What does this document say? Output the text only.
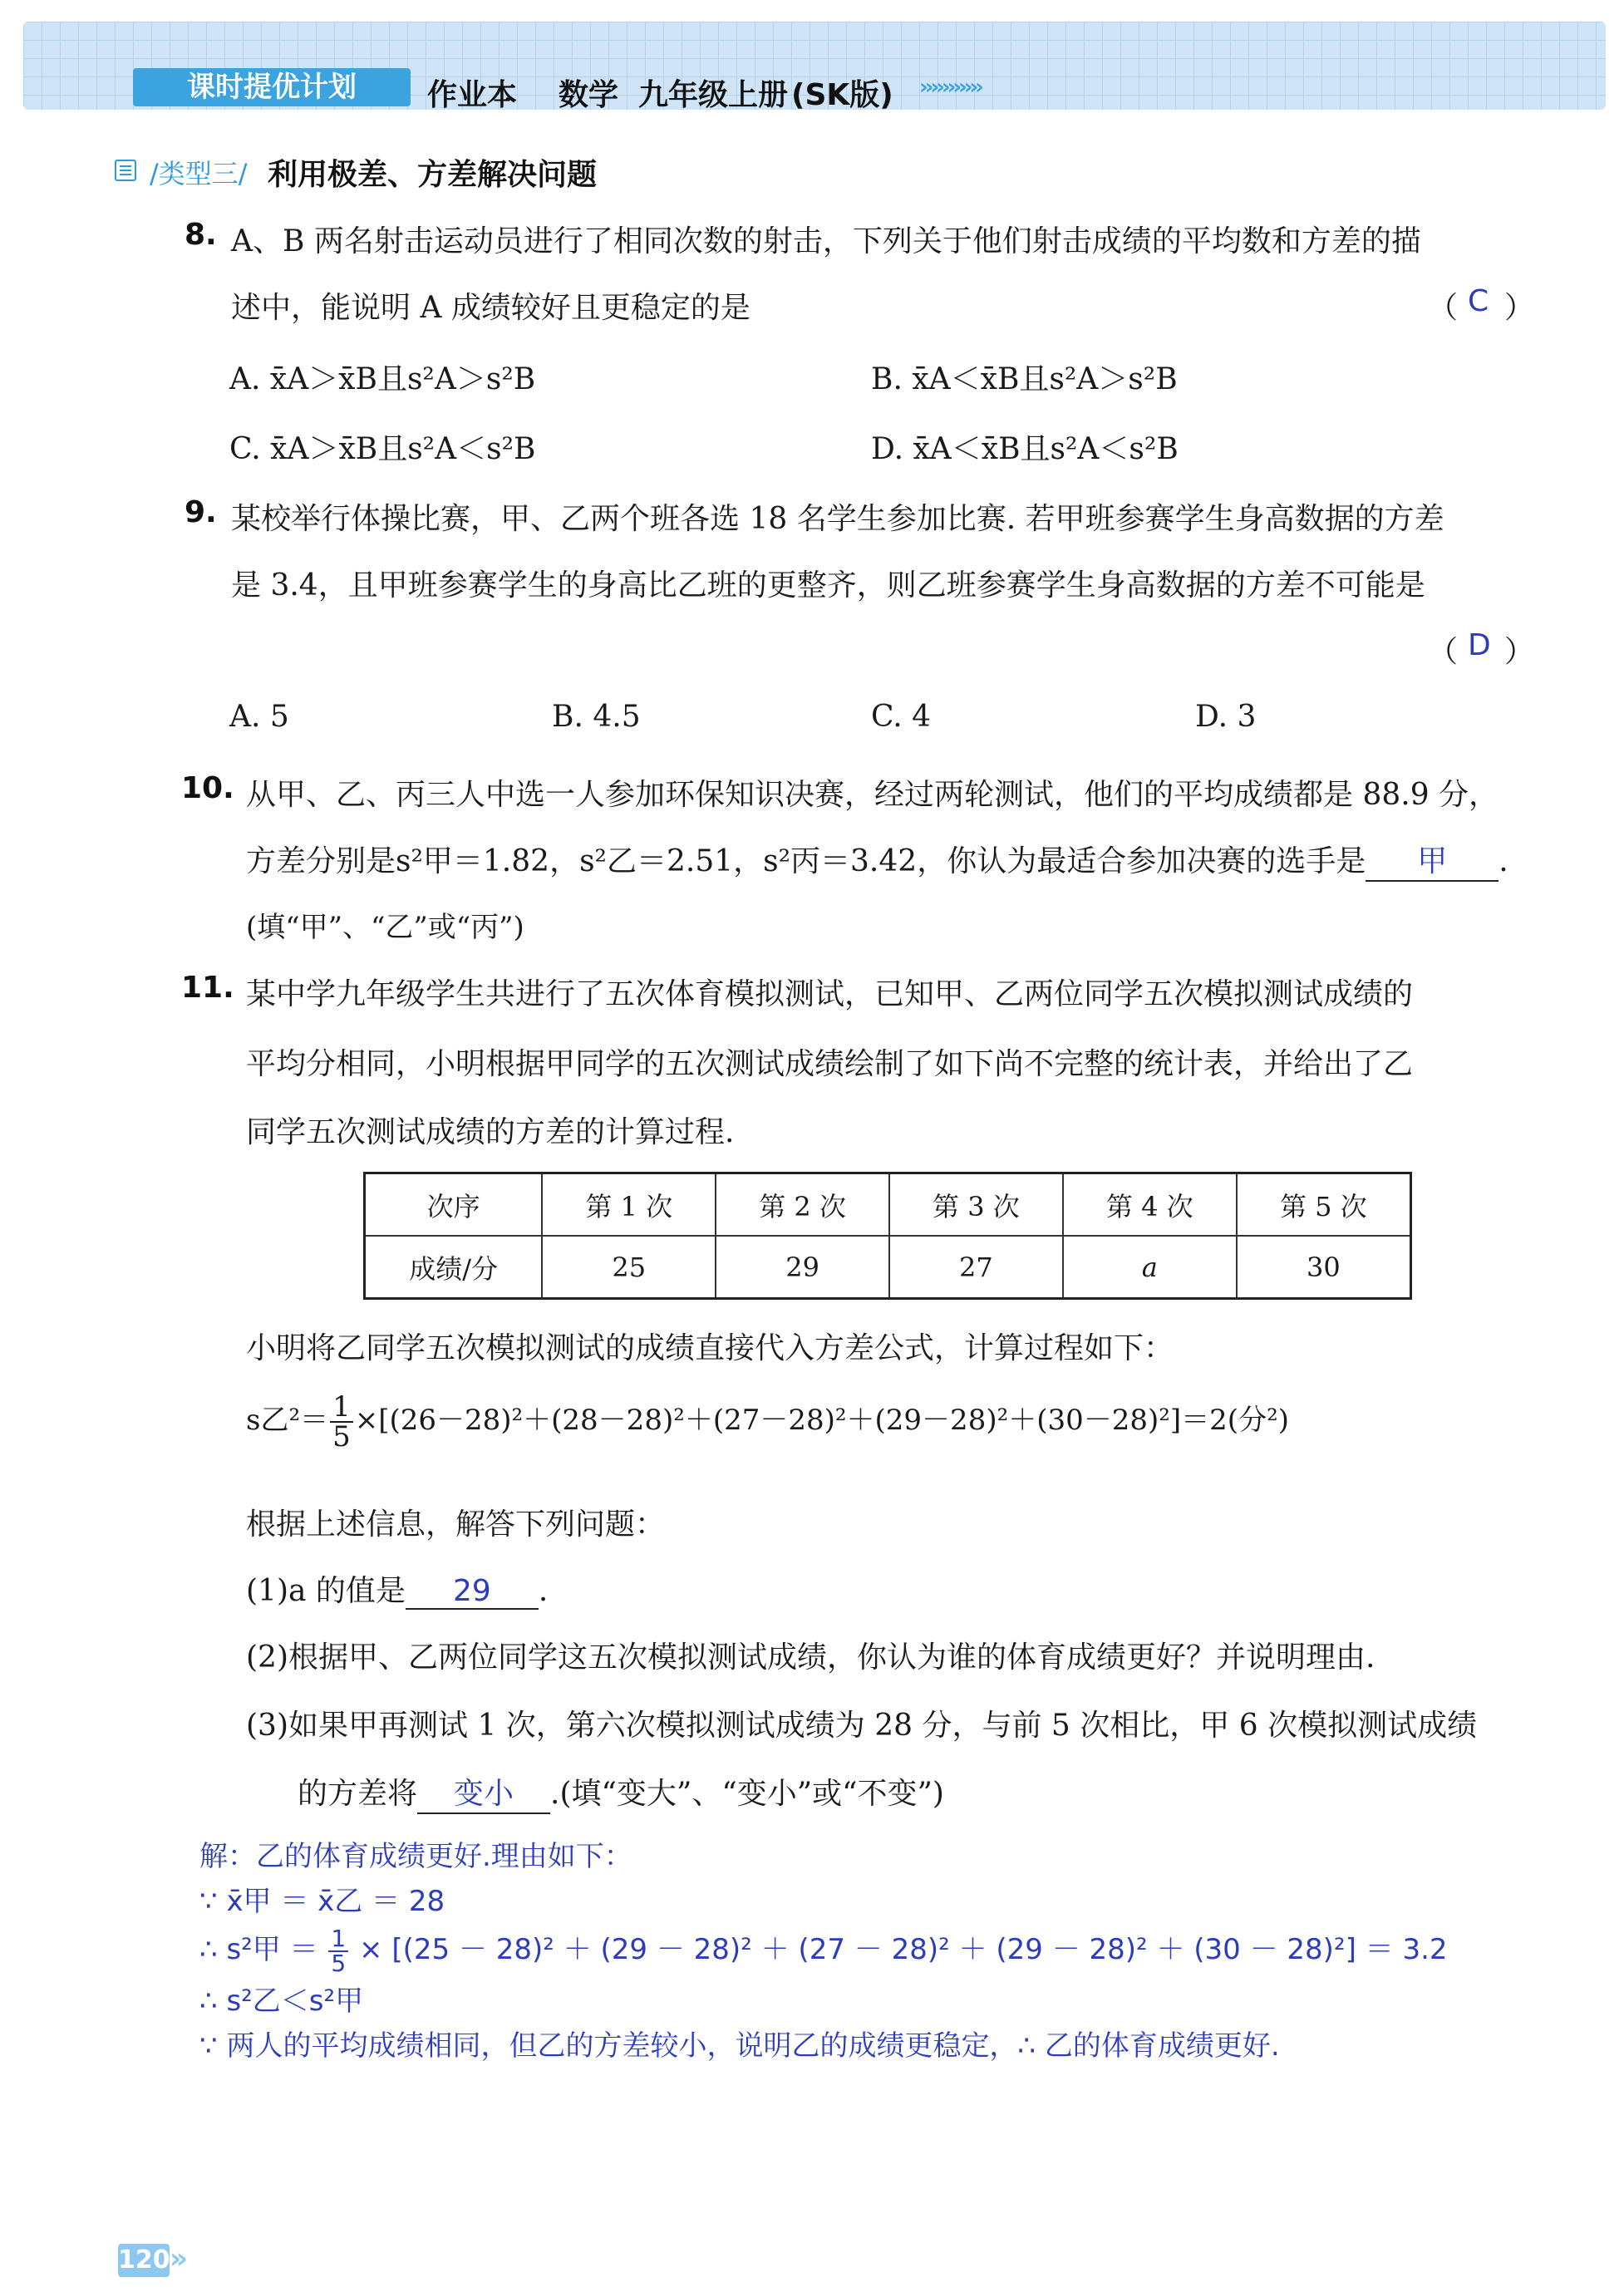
课时提优计划	作业本 数学 九年级上册 (SK版) ›››››››››››
/类型三/ 利用极差、方差解决问题
8. A、B 两名射击运动员进行了相同次数的射击，下列关于他们射击成绩的平均数和方差的描
述中，能说明 A 成绩较好且更稳定的是	（ C ）
A. x̄A＞x̄B且s²A＞s²B	B. x̄A＜x̄B且s²A＞s²B
C. x̄A＞x̄B且s²A＜s²B	D. x̄A＜x̄B且s²A＜s²B
9. 某校举行体操比赛，甲、乙两个班各选 18 名学生参加比赛. 若甲班参赛学生身高数据的方差
是 3.4，且甲班参赛学生的身高比乙班的更整齐，则乙班参赛学生身高数据的方差不可能是
（ D ）
A. 5	B. 4.5	C. 4	D. 3
10. 从甲、乙、丙三人中选一人参加环保知识决赛，经过两轮测试，他们的平均成绩都是 88.9 分，
方差分别是s²甲＝1.82，s²乙＝2.51，s²丙＝3.42，你认为最适合参加决赛的选手是 甲 .
(填“甲”、“乙”或“丙”)
11. 某中学九年级学生共进行了五次体育模拟测试，已知甲、乙两位同学五次模拟测试成绩的
平均分相同，小明根据甲同学的五次测试成绩绘制了如下尚不完整的统计表，并给出了乙
同学五次测试成绩的方差的计算过程.
次序	第 1 次	第 2 次	第 3 次	第 4 次	第 5 次
成绩/分	25	29	27	a	30
小明将乙同学五次模拟测试的成绩直接代入方差公式，计算过程如下：
s乙$^2= \frac{1}{5} \times[(26-28)^2+(28-28)^2+(27-28)^2+(29-28)^2+(30-28)^2]=2$(分²)
根据上述信息，解答下列问题：
(1)a 的值是 29 .
(2)根据甲、乙两位同学这五次模拟测试成绩，你认为谁的体育成绩更好？并说明理由.
(3)如果甲再测试 1 次，第六次模拟测试成绩为 28 分，与前 5 次相比，甲 6 次模拟测试成绩
的方差将 变小 .(填“变大”、“变小”或“不变”)
解：乙的体育成绩更好.理由如下：
∵ x̄甲 ＝ x̄乙 ＝ 28
∴ s²甲 ＝ $\frac{1}{5} \times [(25 - 28)^2 + (29 - 28)^2 + (27 - 28)^2 + (29 - 28)^2 + (30 - 28)^2] = 3.2$
∴ s²乙＜s²甲
∵ 两人的平均成绩相同，但乙的方差较小，说明乙的成绩更稳定，∴ 乙的体育成绩更好.
120 »
